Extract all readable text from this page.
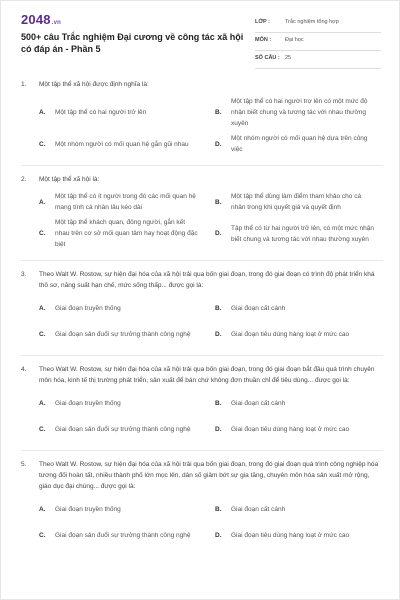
2048.vn
500+ câu Trắc nghiệm Đại cương về công tác xã hội có đáp án - Phần 5
LỚP :	Trắc nghiệm tổng hợp
MÔN :	Đại học
SỐ CÂU : 25
1.	Một tập thể xã hội được định nghĩa là:
A.	Một tập thể có hai người trở lên	B.
Một tập thể có hai người trợ lên có một mức độ nhận biết chung và tương tác với nhau thường xuyên
C.	Một nhóm người có mối quan hệ gắn gũi nhau	D.
Một nhóm người có mối quan hệ dựa trên công việc
2.	Một tập thể xã hội là:
A.
Một tập thể có ít người trong đó các mối quan hệ mang tính cá nhân lâu kéo dài
B.
Một tập thể dùng làm điểm tham khảo cho cá nhân trong khi quyết giá và quyết định
C.
Một tập thể khách quan, đông người, gắn kết nhau trên cơ sở mối quan tâm hay hoạt động đặc biệt
D.
Tập thể có từ hai người trở lên, có một mức nhận biết chung và tương tác với nhau thường xuyên
3.	Theo Walt W. Rostow, sự hiện đại hóa của xã hội trải qua bốn giai đoạn, trong đó giai đoạn có trình độ phát triển khá thô sơ, năng suất hạn chế, mức sống thấp... được gọi là:
A.	Giai đoạn truyền thống	B.	Giai đoạn cất cánh
C.	Giai đoạn sản đuổi sự trưởng thành công nghệ	D.	Giai đoạn tiêu dùng hàng loạt ở mức cao
4.	Theo Walt W. Rostow, sự hiện đại hóa của xã hội trải qua bốn giai đoạn, trong đó giai đoạn bắt đầu quá trình chuyên môn hóa, kinh tế thị trường phát triển, sản xuất để bán chứ không đơn thuần chỉ để tiêu dùng... được gọi là:
A.	Giai đoạn truyền thống	B.	Giai đoạn cất cánh
C.	Giai đoạn sản đuổi sự trưởng thành công nghệ	D.	Giai đoạn tiêu dùng hàng loạt ở mức cao
5.	Theo Walt W. Rostow, sự hiện đại hóa của xã hội trải qua bốn giai đoạn, trong đó giai đoạn quá trình công nghiệp hóa tương đối hoàn tất, nhiều thành phố lớn mọc lên, dân số giảm bớt sự gia tăng, chuyên môn hóa sản xuất mở rộng, giáo dục đại chúng... được gọi là:
A.	Giai đoạn truyền thống	B.	Giai đoạn cất cánh
C.	Giai đoạn sản đuổi sự trưởng thành công nghệ	D.	Giai đoạn tiêu dùng hàng loạt ở mức cao
